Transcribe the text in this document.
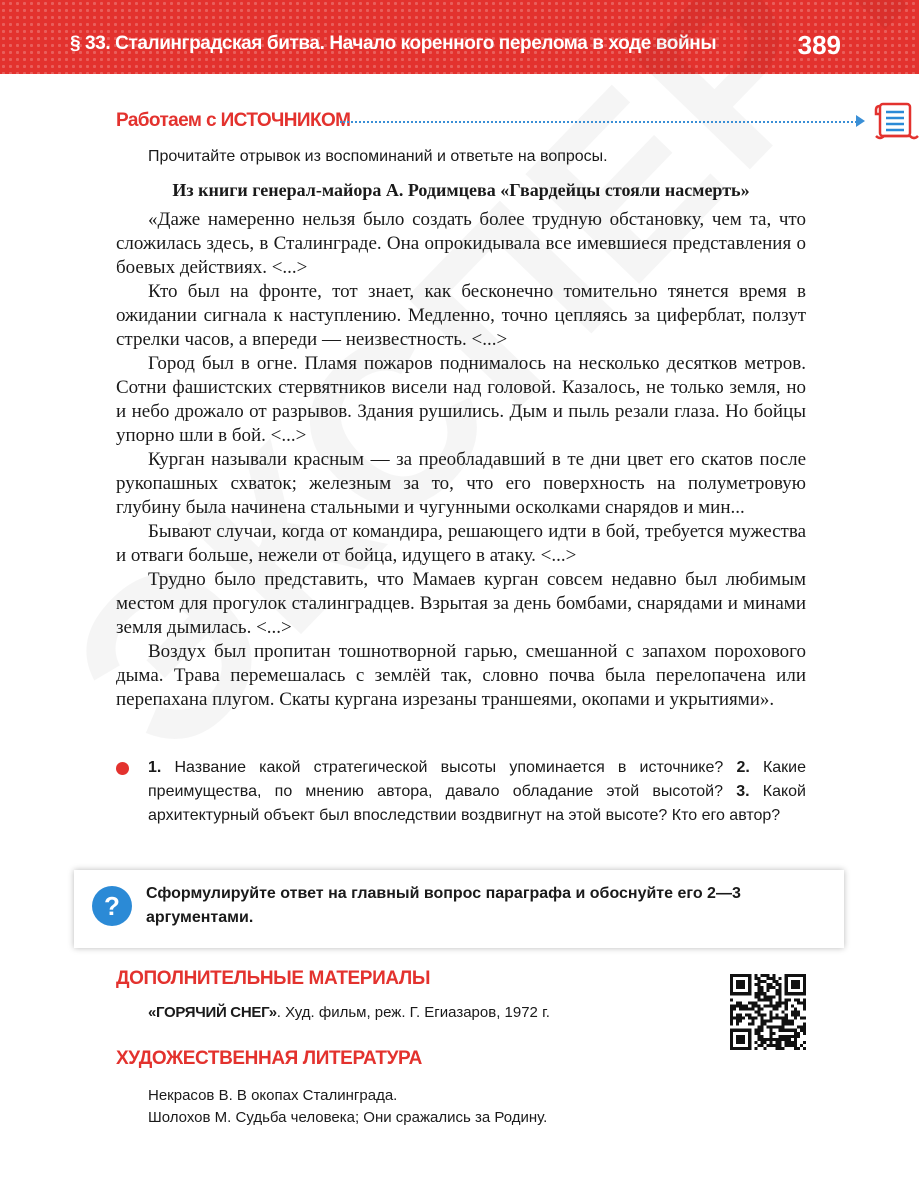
§ 33. Сталинградская битва. Начало коренного перелома в ходе войны	389
Работаем с ИСТОЧНИКОМ
Прочитайте отрывок из воспоминаний и ответьте на вопросы.
Из книги генерал-майора А. Родимцева «Гвардейцы стояли насмерть»

«Даже намеренно нельзя было создать более трудную обстановку, чем та, что сложилась здесь, в Сталинграде. Она опрокидывала все имевшиеся представления о боевых действиях. <...>

Кто был на фронте, тот знает, как бесконечно томительно тянется время в ожидании сигнала к наступлению. Медленно, точно цепляясь за циферблат, ползут стрелки часов, а впереди — неизвестность. <...>

Город был в огне. Пламя пожаров поднималось на несколько десятков метров. Сотни фашистских стервятников висели над головой. Казалось, не только земля, но и небо дрожало от разрывов. Здания рушились. Дым и пыль резали глаза. Но бойцы упорно шли в бой. <...>

Курган называли красным — за преобладавший в те дни цвет его скатов после рукопашных схваток; железным за то, что его поверхность на полуметровую глубину была начинена стальными и чугунными осколками снарядов и мин...

Бывают случаи, когда от командира, решающего идти в бой, требуется мужества и отваги больше, нежели от бойца, идущего в атаку. <...>

Трудно было представить, что Мамаев курган совсем недавно был любимым местом для прогулок сталинградцев. Взрытая за день бомбами, снарядами и минами земля дымилась. <...>

Воздух был пропитан тошнотворной гарью, смешанной с запахом порохового дыма. Трава перемешалась с землёй так, словно почва была перелопачена или перепахана плугом. Скаты кургана изрезаны траншеями, окопами и укрытиями».

1. Название какой стратегической высоты упоминается в источнике? 2. Какие преимущества, по мнению автора, давало обладание этой высотой? 3. Какой архитектурный объект был впоследствии воздвигнут на этой высоте? Кто его автор?
?	Сформулируйте ответ на главный вопрос параграфа и обоснуйте его 2—3 аргументами.
ДОПОЛНИТЕЛЬНЫЕ МАТЕРИАЛЫ
«ГОРЯЧИЙ СНЕГ». Худ. фильм, реж. Г. Егиазаров, 1972 г.
ХУДОЖЕСТВЕННАЯ ЛИТЕРАТУРА
Некрасов В. В окопах Сталинграда.
Шолохов М. Судьба человека; Они сражались за Родину.
